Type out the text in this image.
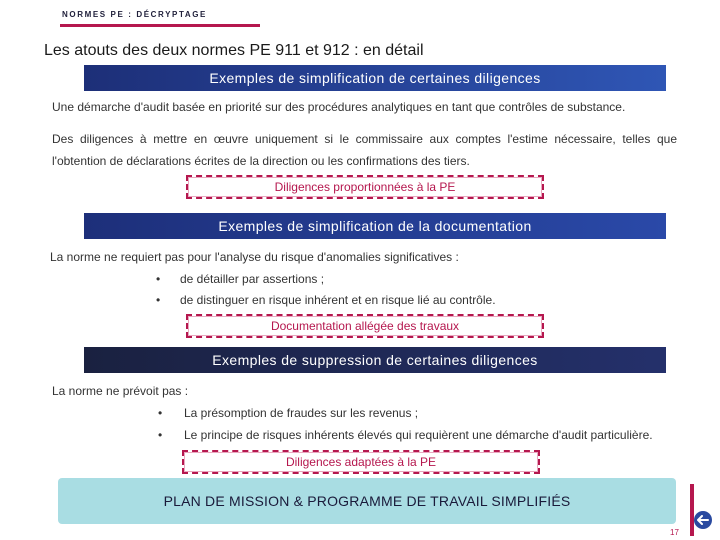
NORMES PE : DÉCRYPTAGE
Les atouts des deux normes PE 911 et 912 : en détail
Exemples de simplification de certaines diligences
Une démarche d'audit basée en priorité sur des procédures analytiques en tant que contrôles de substance.
Des diligences à mettre en œuvre uniquement si le commissaire aux comptes l'estime nécessaire, telles que l'obtention de déclarations écrites de la direction ou les confirmations des tiers.
Diligences proportionnées à la PE
Exemples de simplification de la documentation
La norme ne requiert pas pour l'analyse du risque d'anomalies significatives :
• de détailler par assertions ;
• de distinguer en risque inhérent et en risque lié au contrôle.
Documentation allégée des travaux
Exemples de suppression de certaines diligences
La norme ne prévoit pas :
• La présomption de fraudes sur les revenus ;
• Le principe de risques inhérents élevés qui requièrent une démarche d'audit particulière.
Diligences adaptées à la PE
PLAN DE MISSION & PROGRAMME DE TRAVAIL SIMPLIFIÉS
17
